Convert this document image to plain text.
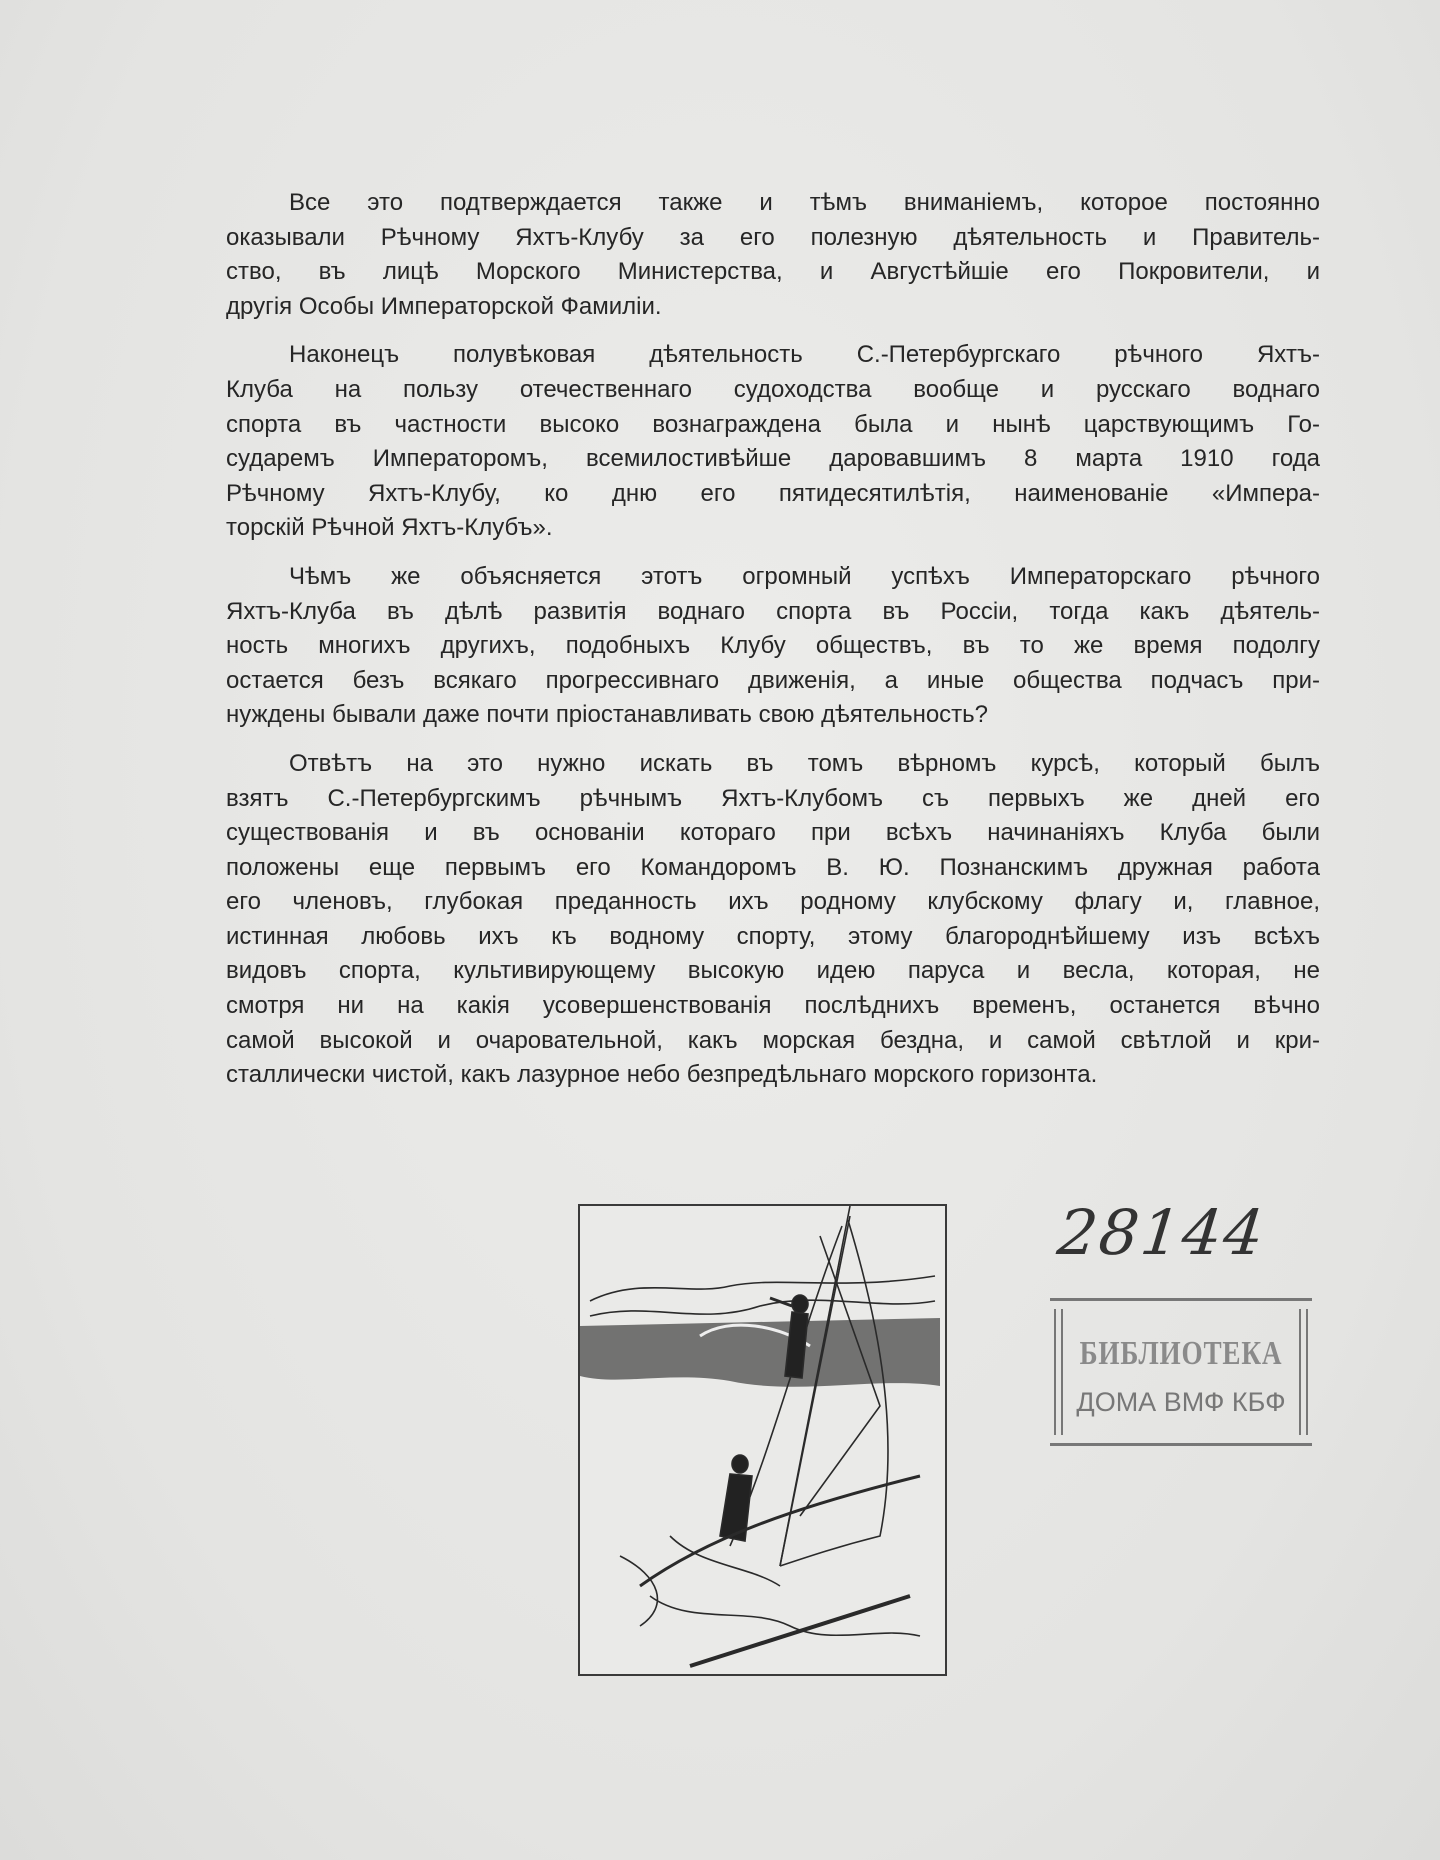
Все это подтверждается также и тѣмъ вниманіемъ, которое постоянно
оказывали Рѣчному Яхтъ-Клубу за его полезную дѣятельность и Правитель-
ство, въ лицѣ Морского Министерства, и Августѣйшіе его Покровители, и
другія Особы Императорской Фамиліи.
Наконецъ полувѣковая дѣятельность С.-Петербургскаго рѣчного Яхтъ-
Клуба на пользу отечественнаго судоходства вообще и русскаго воднаго
спорта въ частности высоко вознаграждена была и нынѣ царствующимъ Го-
сударемъ Императоромъ, всемилостивѣйше даровавшимъ 8 марта 1910 года
Рѣчному Яхтъ-Клубу, ко дню его пятидесятилѣтія, наименованіе «Импера-
торскій Рѣчной Яхтъ-Клубъ».
Чѣмъ же объясняется этотъ огромный успѣхъ Императорскаго рѣчного
Яхтъ-Клуба въ дѣлѣ развитія воднаго спорта въ Россіи, тогда какъ дѣятель-
ность многихъ другихъ, подобныхъ Клубу обществъ, въ то же время подолгу
остается безъ всякаго прогрессивнаго движенія, а иные общества подчасъ при-
нуждены бывали даже почти пріостанавливать свою дѣятельность?
Отвѣтъ на это нужно искать въ томъ вѣрномъ курсѣ, который былъ
взятъ С.-Петербургскимъ рѣчнымъ Яхтъ-Клубомъ съ первыхъ же дней его
существованія и въ основаніи котораго при всѣхъ начинаніяхъ Клуба были
положены еще первымъ его Командоромъ В. Ю. Познанскимъ дружная работа
его членовъ, глубокая преданность ихъ родному клубскому флагу и, главное,
истинная любовь ихъ къ водному спорту, этому благороднѣйшему изъ всѣхъ
видовъ спорта, культивирующему высокую идею паруса и весла, которая, не
смотря ни на какія усовершенствованія послѣднихъ временъ, останется вѣчно
самой высокой и очаровательной, какъ морская бездна, и самой свѣтлой и кри-
сталлически чистой, какъ лазурное небо безпредѣльнаго морского горизонта.
28144
БИБЛИОТЕКА
ДОМА ВМФ КБФ
